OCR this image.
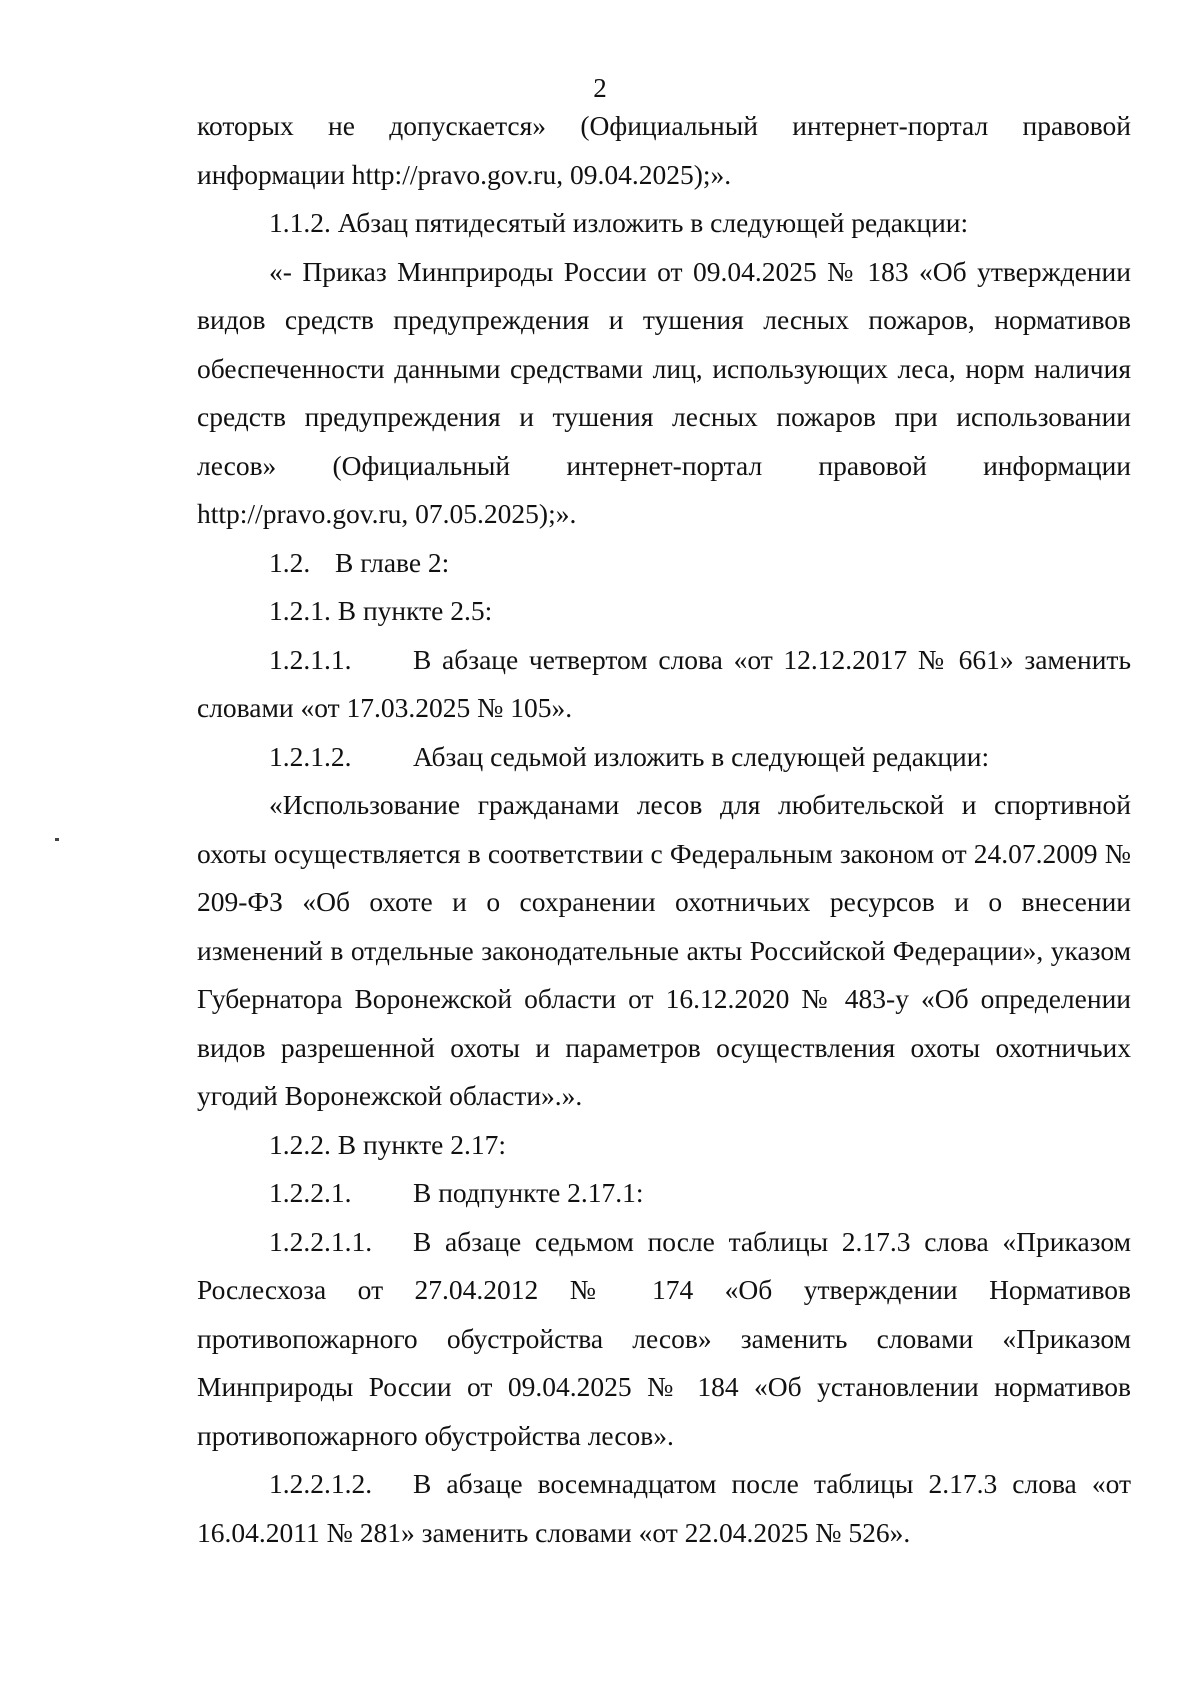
2

которых не допускается» (Официальный интернет-портал правовой информации http://pravo.gov.ru, 09.04.2025);».

1.1.2. Абзац пятидесятый изложить в следующей редакции:

«- Приказ Минприроды России от 09.04.2025 № 183 «Об утверждении видов средств предупреждения и тушения лесных пожаров, нормативов обеспеченности данными средствами лиц, использующих леса, норм наличия средств предупреждения и тушения лесных пожаров при использовании лесов» (Официальный интернет-портал правовой информации http://pravo.gov.ru, 07.05.2025);».

1.2. В главе 2:

1.2.1. В пункте 2.5:

1.2.1.1. В абзаце четвертом слова «от 12.12.2017 № 661» заменить словами «от 17.03.2025 № 105».

1.2.1.2. Абзац седьмой изложить в следующей редакции:

«Использование гражданами лесов для любительской и спортивной охоты осуществляется в соответствии с Федеральным законом от 24.07.2009 № 209-ФЗ «Об охоте и о сохранении охотничьих ресурсов и о внесении изменений в отдельные законодательные акты Российской Федерации», указом Губернатора Воронежской области от 16.12.2020 № 483-у «Об определении видов разрешенной охоты и параметров осуществления охоты охотничьих угодий Воронежской области».».

1.2.2. В пункте 2.17:

1.2.2.1. В подпункте 2.17.1:

1.2.2.1.1. В абзаце седьмом после таблицы 2.17.3 слова «Приказом Рослесхоза от 27.04.2012 № 174 «Об утверждении Нормативов противопожарного обустройства лесов» заменить словами «Приказом Минприроды России от 09.04.2025 № 184 «Об установлении нормативов противопожарного обустройства лесов».

1.2.2.1.2. В абзаце восемнадцатом после таблицы 2.17.3 слова «от 16.04.2011 № 281» заменить словами «от 22.04.2025 № 526».
